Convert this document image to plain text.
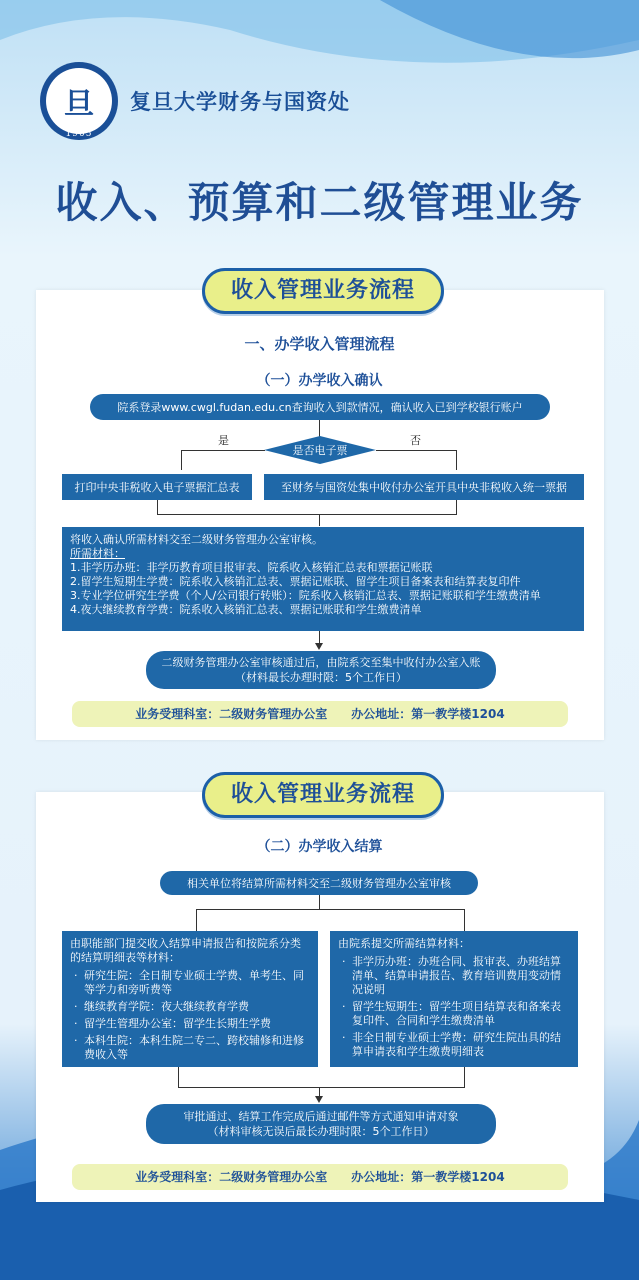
旦
1905
复旦大学财务与国资处
收入、预算和二级管理业务
收入管理业务流程
一、办学收入管理流程
（一）办学收入确认
院系登录www.cwgl.fudan.edu.cn查询收入到款情况，确认收入已到学校银行账户
是否电子票
是	否
打印中央非税收入电子票据汇总表	至财务与国资处集中收付办公室开具中央非税收入统一票据
将收入确认所需材料交至二级财务管理办公室审核。
所需材料：
1.非学历办班：非学历教育项目报审表、院系收入核销汇总表和票据记账联
2.留学生短期生学费：院系收入核销汇总表、票据记账联、留学生项目备案表和结算表复印件
3.专业学位研究生学费（个人/公司银行转账）：院系收入核销汇总表、票据记账联和学生缴费清单
4.夜大继续教育学费：院系收入核销汇总表、票据记账联和学生缴费清单
二级财务管理办公室审核通过后，由院系交至集中收付办公室入账
（材料最长办理时限：5个工作日）
业务受理科室：二级财务管理办公室　　办公地址：第一教学楼1204
收入管理业务流程
（二）办学收入结算
相关单位将结算所需材料交至二级财务管理办公室审核
由职能部门提交收入结算申请报告和按院系分类的结算明细表等材料：
· 研究生院：全日制专业硕士学费、单考生、同等学力和旁听费等
· 继续教育学院：夜大继续教育学费
· 留学生管理办公室：留学生长期生学费
· 本科生院：本科生院二专二、跨校辅修和进修费收入等
由院系提交所需结算材料：
· 非学历办班：办班合同、报审表、办班结算清单、结算申请报告、教育培训费用变动情况说明
· 留学生短期生：留学生项目结算表和备案表复印件、合同和学生缴费清单
· 非全日制专业硕士学费：研究生院出具的结算申请表和学生缴费明细表
审批通过、结算工作完成后通过邮件等方式通知申请对象
（材料审核无误后最长办理时限：5个工作日）
业务受理科室：二级财务管理办公室　　办公地址：第一教学楼1204
